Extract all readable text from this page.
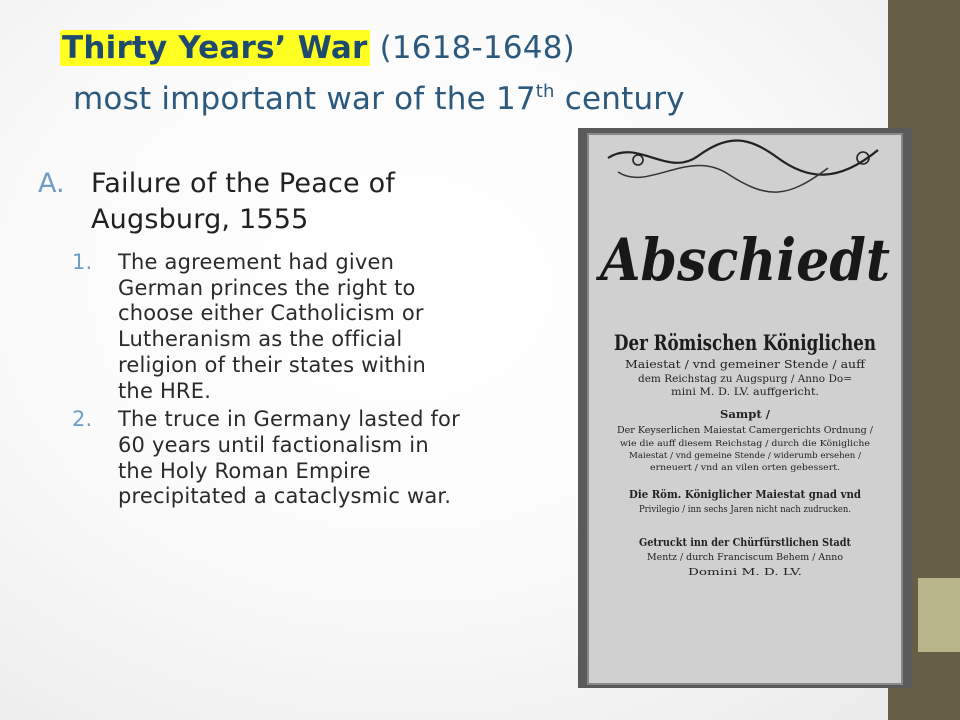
Thirty Years’ War (1618-1648)
most important war of the 17th century
A. Failure of the Peace of Augsburg, 1555
1. The agreement had given German princes the right to choose either Catholicism or Lutheranism as the official religion of their states within the HRE.
2. The truce in Germany lasted for 60 years until factionalism in the Holy Roman Empire precipitated a cataclysmic war.
Abschiedt
Der Römischen Königlichen
Maiestat / vnd gemeiner Stende / auff
dem Reichstag zu Augspurg / Anno Do=
mini M. D. LV. auffgericht.
Sampt /
Der Keyserlichen Maiestat Camergerichts Ordnung /
wie die auff diesem Reichstag / durch die Königliche
Maiestat / vnd gemeine Stende / widerumb ersehen /
erneuert / vnd an vilen orten gebessert.
Die Röm. Königlicher Maiestat gnad vnd
Privilegio / inn sechs Jaren nicht nach zudrucken.
Getruckt inn der Chürfürstlichen Stadt
Mentz / durch Franciscum Behem / Anno
Domini M. D. LV.
